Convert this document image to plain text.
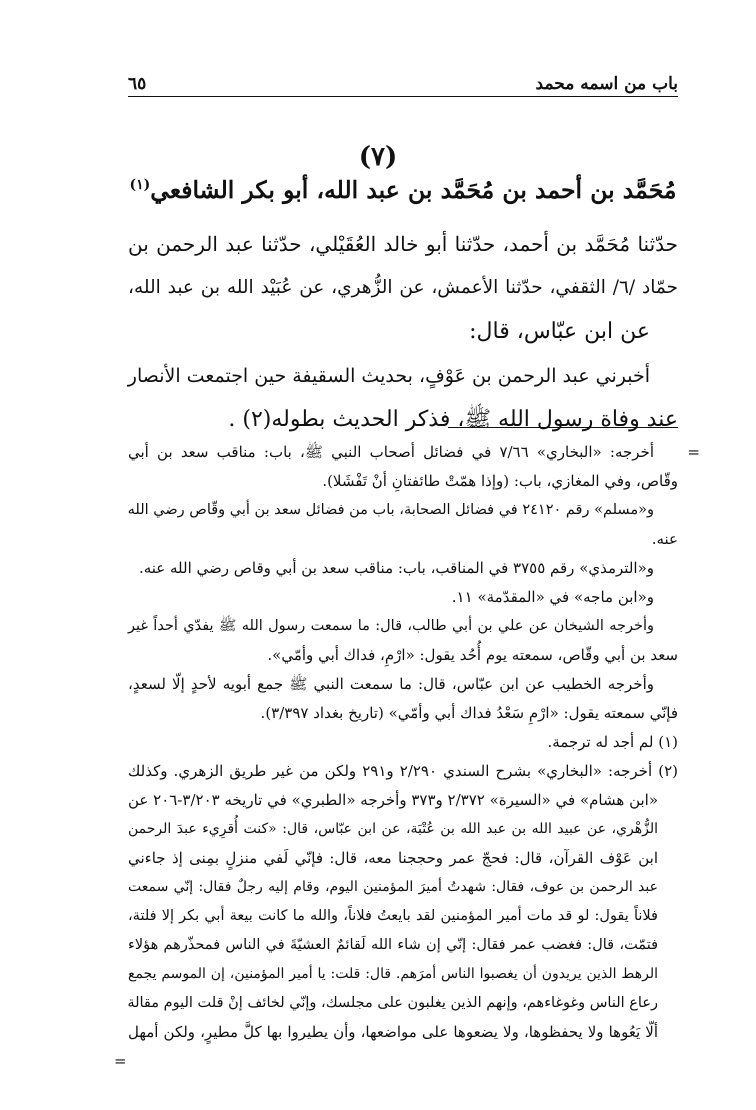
باب من اسمه محمد
٦٥
(٧)
مُحَمَّد بن أحمد بن مُحَمَّد بن عبد الله، أبو بكر الشافعي$^{(١)}$
حدّثنا مُحَمَّد بن أحمد، حدّثنا أبو خالد العُقَيْلي، حدّثنا عبد الرحمن بن
حمّاد /٦/ الثقفي، حدّثنا الأعمش، عن الزُّهري، عن عُبَيْد الله بن عبد الله،
عن ابن عبّاس، قال:
أخبرني عبد الرحمن بن عَوْفٍ، بحديث السقيفة حين اجتمعت الأنصار
عند وفاة رسول الله ﷺ، فذكر الحديث بطوله(٢) .
=
أخرجه: «البخاري» ٧/٦٦ في فضائل أصحاب النبي ﷺ، باب: مناقب سعد بن أبي
وقّاص، وفي المغازي، باب: (وإذا همّتْ طائفتانِ أنْ تَفْشَلا).
و«مسلم» رقم ٢٤١٢٠ في فضائل الصحابة، باب من فضائل سعد بن أبي وقّاص رضي الله
عنه.
و«الترمذي» رقم ٣٧٥٥ في المناقب، باب: مناقب سعد بن أبي وقاص رضي الله عنه.
و«ابن ماجه» في «المقدّمة» ١١.
وأخرجه الشيخان عن علي بن أبي طالب، قال: ما سمعت رسول الله ﷺ يفدّي أحداً غير
سعد بن أبي وقّاص، سمعته يوم أُحُد يقول: «ارْمِ، فداك أبي وأمّي».
وأخرجه الخطيب عن ابن عبّاس، قال: ما سمعت النبي ﷺ جمع أبويه لأحدٍ إلّا لسعدٍ،
فإنّي سمعته يقول: «ارْمِ سَعْدُ فداك أبي وأمّي» (تاريخ بغداد ٣/٣٩٧).
(١) لم أجد له ترجمة.
(٢) أخرجه: «البخاري» بشرح السندي ٢/٢٩٠ و٢٩١ ولكن من غير طريق الزهري. وكذلك
«ابن هشام» في «السيرة» ٢/٣٧٢ و٣٧٣ وأخرجه «الطبري» في تاريخه ٣/٢٠٣-٢٠٦ عن
الزُّهْري، عن عبيد الله بن عبد الله بن عُتْبَة، عن ابن عبّاس، قال: «كنت أُقرِيء عبدَ الرحمن
ابن عَوْف القرآن، قال: فحجّ عمر وحججنا معه، قال: فإنّي لَفي منزلٍ بمِنى إذ جاءني
عبد الرحمن بن عوف، فقال: شهدتُ أميرَ المؤمنين اليوم، وقام إليه رجلٌ فقال: إنّي سمعت
فلاناً يقول: لو قد مات أمير المؤمنين لقد بايعتُ فلاناً، والله ما كانت بيعة أبي بكر إلا فلتة،
فتمّت، قال: فغضب عمر فقال: إنّي إن شاء الله لَقائمٌ العشيّةَ في الناس فمحذّرهم هؤلاء
الرهط الذين يريدون أن يغصبوا الناس أمرَهم. قال: قلت: يا أمير المؤمنين، إن الموسم يجمع
رعاع الناس وغوغاءهم، وإنهم الذين يغلبون على مجلسك، وإنّي لخائف إنْ قلت اليوم مقالة
ألّا يَعُوها ولا يحفظوها، ولا يضعوها على مواضعها، وأن يطيروا بها كلَّ مطيرٍ، ولكن أمهل
=
